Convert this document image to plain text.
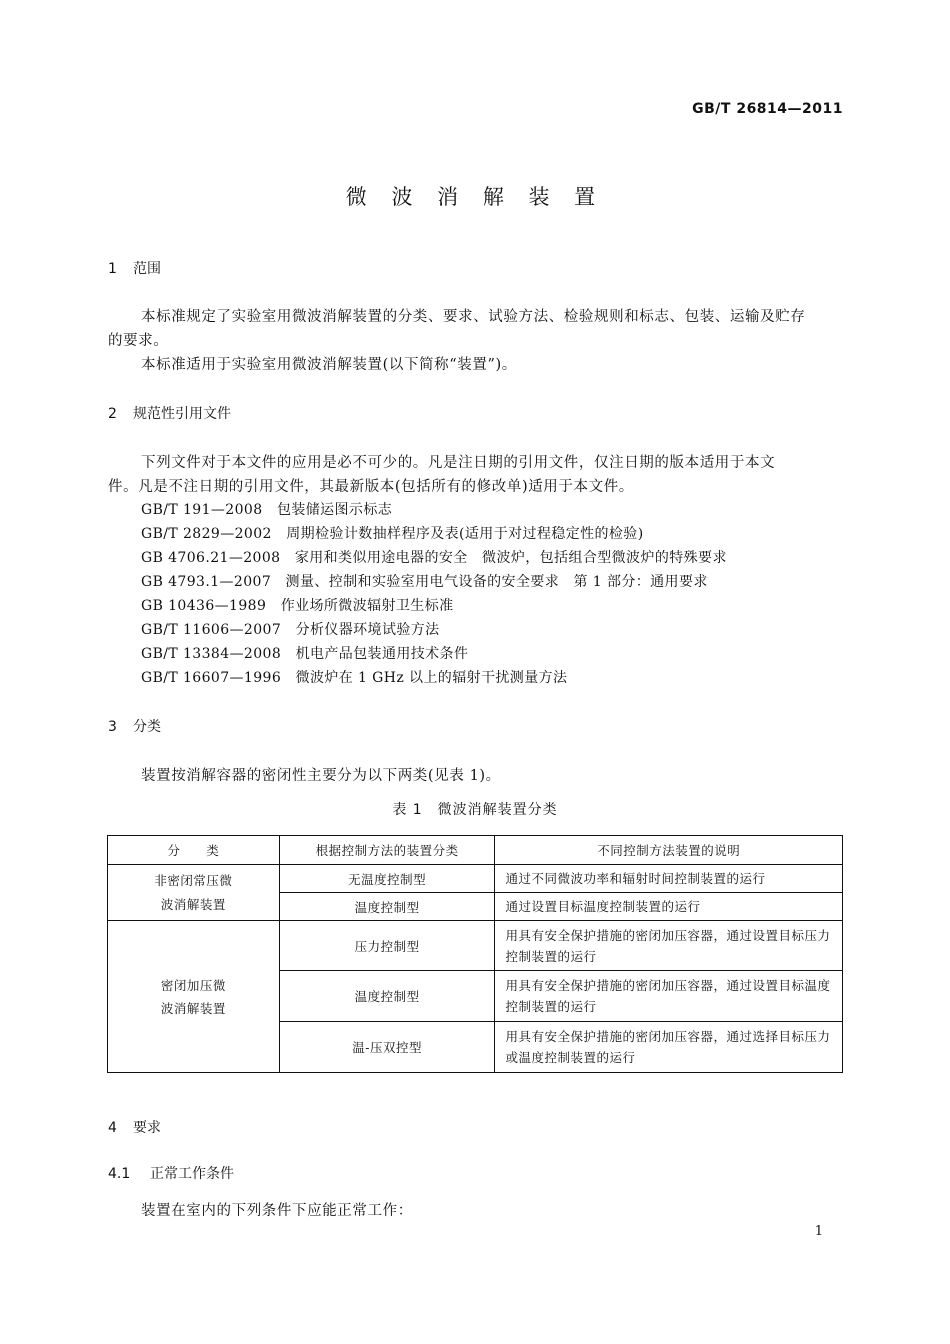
GB/T 26814—2011
微 波 消 解 装 置
1 范围
本标准规定了实验室用微波消解装置的分类、要求、试验方法、检验规则和标志、包装、运输及贮存
的要求。
本标准适用于实验室用微波消解装置(以下简称“装置”)。
2 规范性引用文件
下列文件对于本文件的应用是必不可少的。凡是注日期的引用文件，仅注日期的版本适用于本文
件。凡是不注日期的引用文件，其最新版本(包括所有的修改单)适用于本文件。
GB/T 191—2008　 包装储运图示标志
GB/T 2829—2002　 周期检验计数抽样程序及表(适用于对过程稳定性的检验)
GB 4706.21—2008　 家用和类似用途电器的安全　微波炉，包括组合型微波炉的特殊要求
GB 4793.1—2007　 测量、控制和实验室用电气设备的安全要求　第 1 部分：通用要求
GB 10436—1989　 作业场所微波辐射卫生标准
GB/T 11606—2007　 分析仪器环境试验方法
GB/T 13384—2008　 机电产品包装通用技术条件
GB/T 16607—1996　 微波炉在 1 GHz 以上的辐射干扰测量方法
3 分类
装置按消解容器的密闭性主要分为以下两类(见表 1)。
表 1　微波消解装置分类
分　　类	根据控制方法的装置分类	不同控制方法装置的说明

非密闭常压微
波消解装置	无温度控制型	通过不同微波功率和辐射时间控制装置的运行
	温度控制型	通过设置目标温度控制装置的运行

密闭加压微
波消解装置	压力控制型	用具有安全保护措施的密闭加压容器，通过设置目标压力控制装置的运行
	温度控制型	用具有安全保护措施的密闭加压容器，通过设置目标温度控制装置的运行
	温-压双控型	用具有安全保护措施的密闭加压容器，通过选择目标压力或温度控制装置的运行
4 要求
4.1 正常工作条件
装置在室内的下列条件下应能正常工作：
1
